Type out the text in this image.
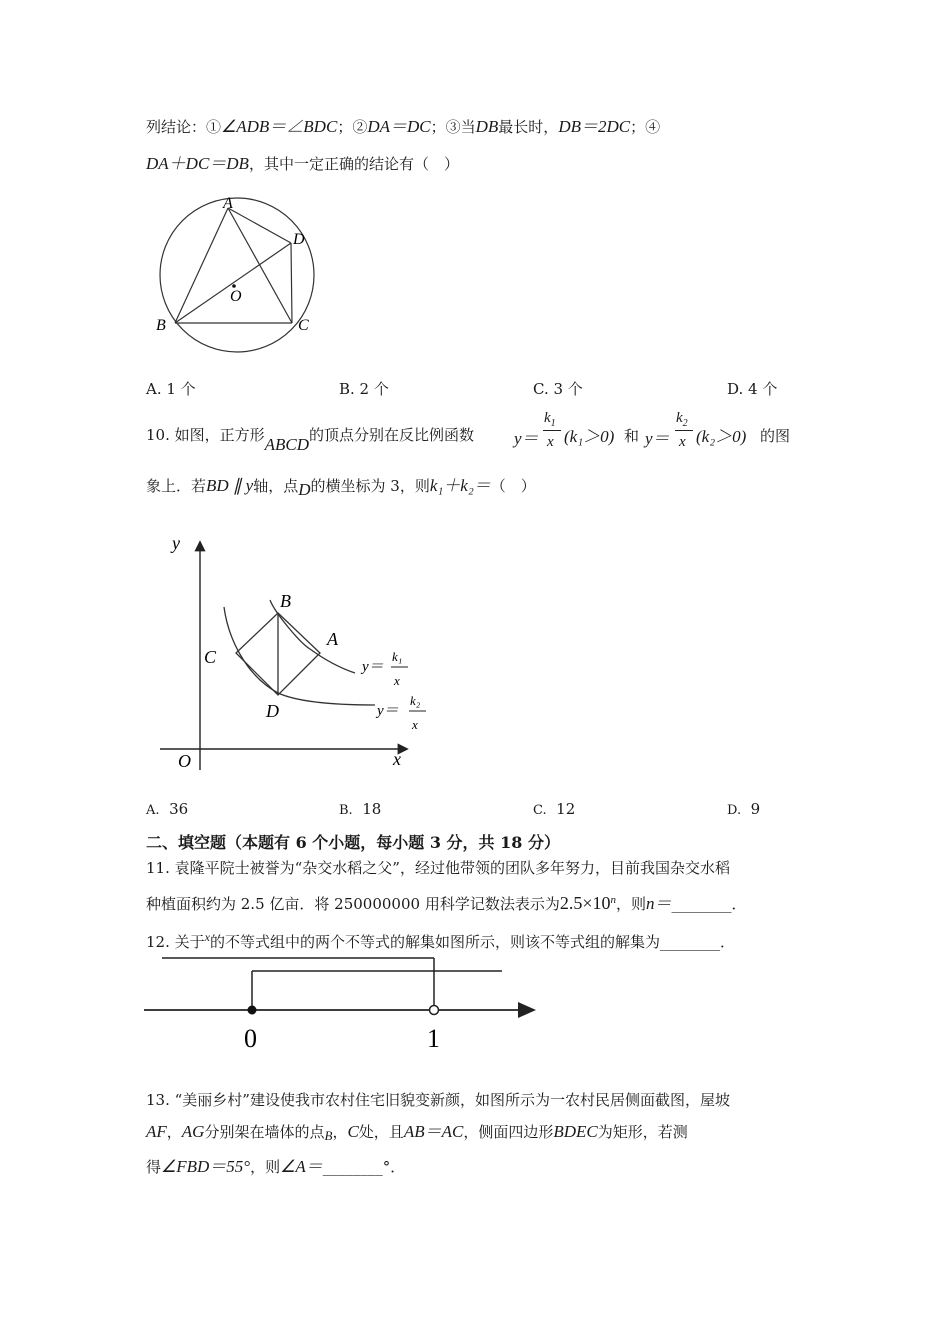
列结论：①∠ADB＝∠BDC；②DA＝DC；③当DB最长时，DB＝2DC；④
DA＋DC＝DB，其中一定正确的结论有（　）
A
D
O
B	C
A. 1 个	B. 2 个	C. 3 个	D. 4 个
10. 如图，正方形ABCD的顶点分别在反比例函数 y＝
$k_1$
x (k₁＞0) 和 y＝
$k_2$
x (k₂＞0) 的图
象上．若BD ∥ y轴，点D的横坐标为 3，则k₁＋k₂＝（　）
y
B
A
C
D
O	x
y＝
k₁
x
y＝
k₂
x
A. 36	B. 18	C. 12	D. 9
二、填空题（本题有 6 个小题，每小题 3 分，共 18 分）
11. 袁隆平院士被誉为“杂交水稻之父”，经过他带领的团队多年努力，目前我国杂交水稻
种植面积约为 2.5 亿亩．将 250000000 用科学记数法表示为$2.5\times 10^n$，则n＝________．
12. 关于$^x$的不等式组中的两个不等式的解集如图所示，则该不等式组的解集为________．
0	1
13. “美丽乡村”建设使我市农村住宅旧貌变新颜，如图所示为一农村民居侧面截图，屋坡
AF，AG分别架在墙体的点B，C处，且AB＝AC，侧面四边形BDEC为矩形，若测
得∠FBD＝55°，则∠A＝________°．
